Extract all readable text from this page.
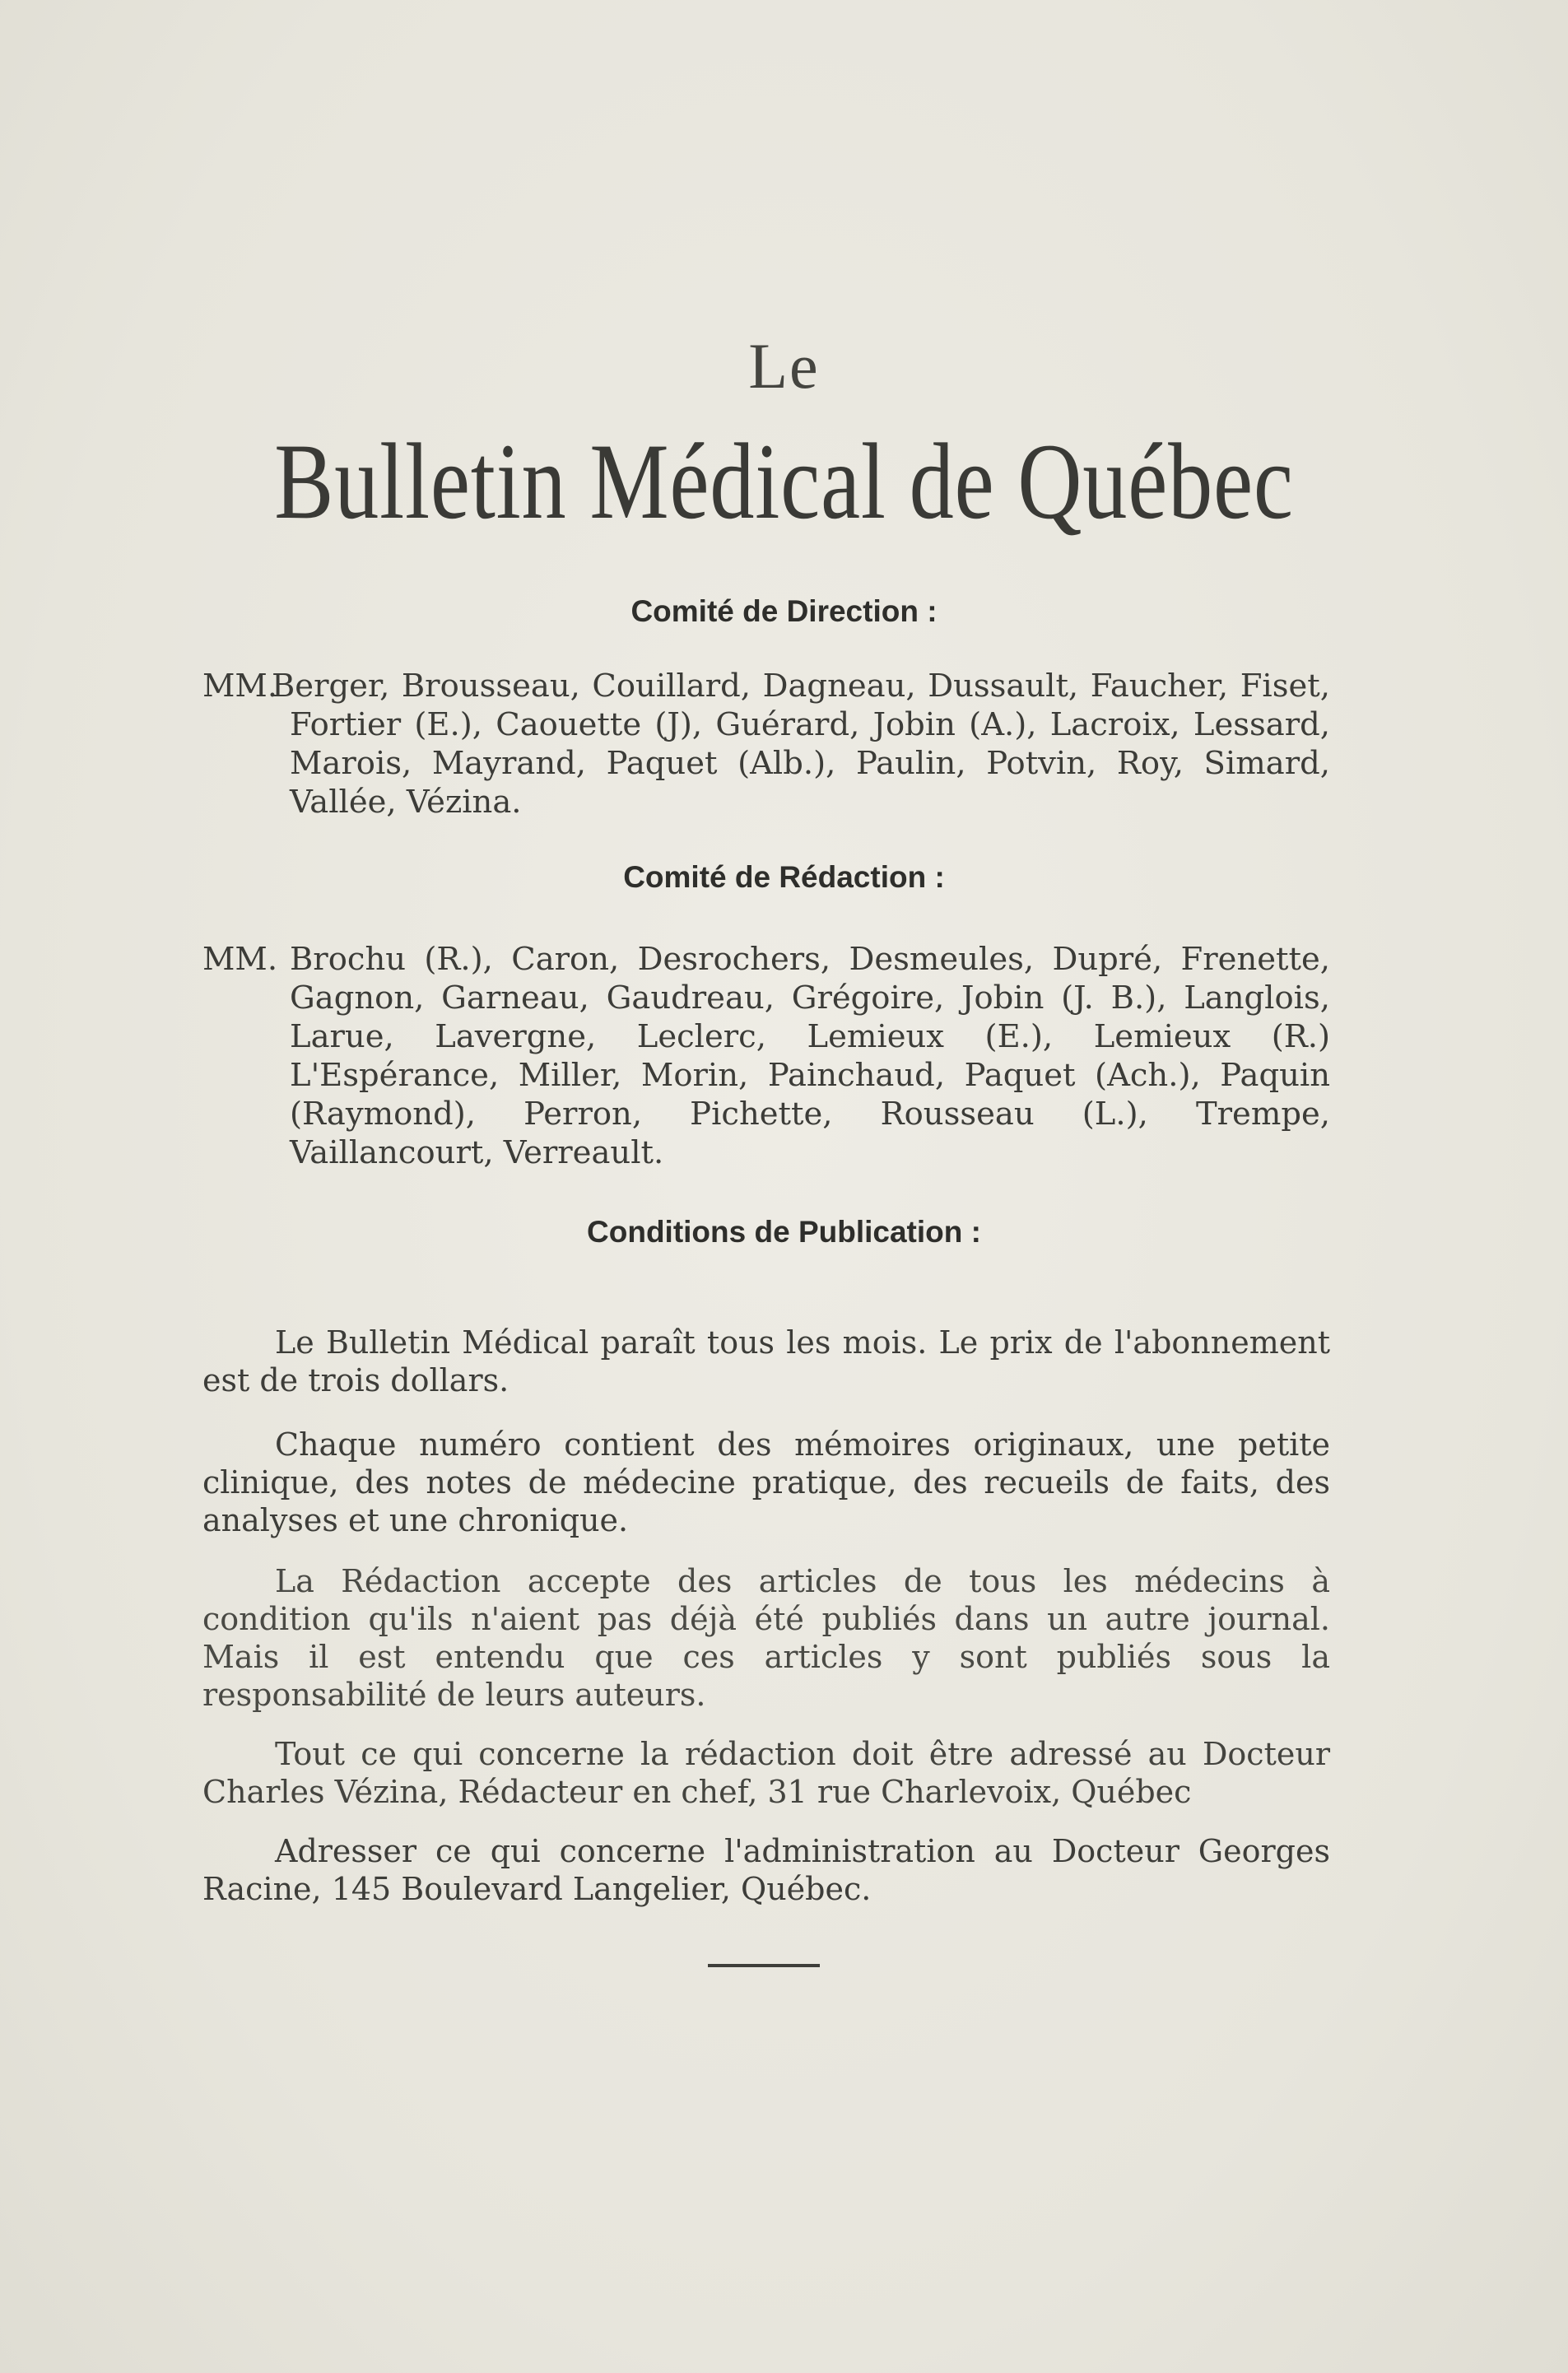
Le
Bulletin Médical de Québec
Comité de Direction :
MM.
Berger, Brousseau, Couillard, Dagneau, Dussault, Faucher, Fiset, Fortier (E.), Caouette (J), Guérard, Jobin (A.), Lacroix, Lessard, Marois, Mayrand, Paquet (Alb.), Paulin, Potvin, Roy, Simard, Vallée, Vézina.
Comité de Rédaction :
MM. Brochu (R.), Caron, Desrochers, Desmeules, Dupré, Frenette, Gagnon, Garneau, Gaudreau, Grégoire, Jobin (J. B.), Langlois, Larue, Lavergne, Leclerc, Lemieux (E.), Lemieux (R.) L'Espérance, Miller, Morin, Painchaud, Paquet (Ach.), Paquin (Raymond), Perron, Pichette, Rousseau (L.), Trempe, Vaillancourt, Verreault.
Conditions de Publication :

Le Bulletin Médical paraît tous les mois. Le prix de l'abonnement est de trois dollars.

Chaque numéro contient des mémoires originaux, une petite clinique, des notes de médecine pratique, des recueils de faits, des analyses et une chronique.

La Rédaction accepte des articles de tous les médecins à condition qu'ils n'aient pas déjà été publiés dans un autre journal. Mais il est entendu que ces articles y sont publiés sous la responsabilité de leurs auteurs.

Tout ce qui concerne la rédaction doit être adressé au Docteur Charles Vézina, Rédacteur en chef, 31 rue Charlevoix, Québec

Adresser ce qui concerne l'administration au Docteur Georges Racine, 145 Boulevard Langelier, Québec.
